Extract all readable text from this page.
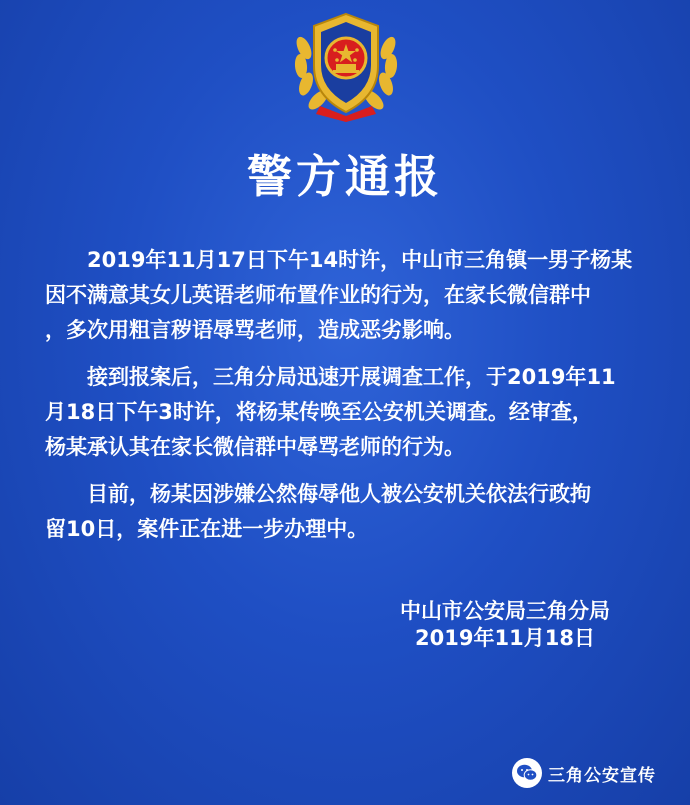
警方通报
　　2019年11月17日下午14时许，中山市三角镇一男子杨某
因不满意其女儿英语老师布置作业的行为，在家长微信群中
，多次用粗言秽语辱骂老师，造成恶劣影响。
　　接到报案后，三角分局迅速开展调查工作，于2019年11
月18日下午3时许，将杨某传唤至公安机关调查。经审查，
杨某承认其在家长微信群中辱骂老师的行为。
　　目前，杨某因涉嫌公然侮辱他人被公安机关依法行政拘
留10日，案件正在进一步办理中。
中山市公安局三角分局
2019年11月18日
三角公安宣传
